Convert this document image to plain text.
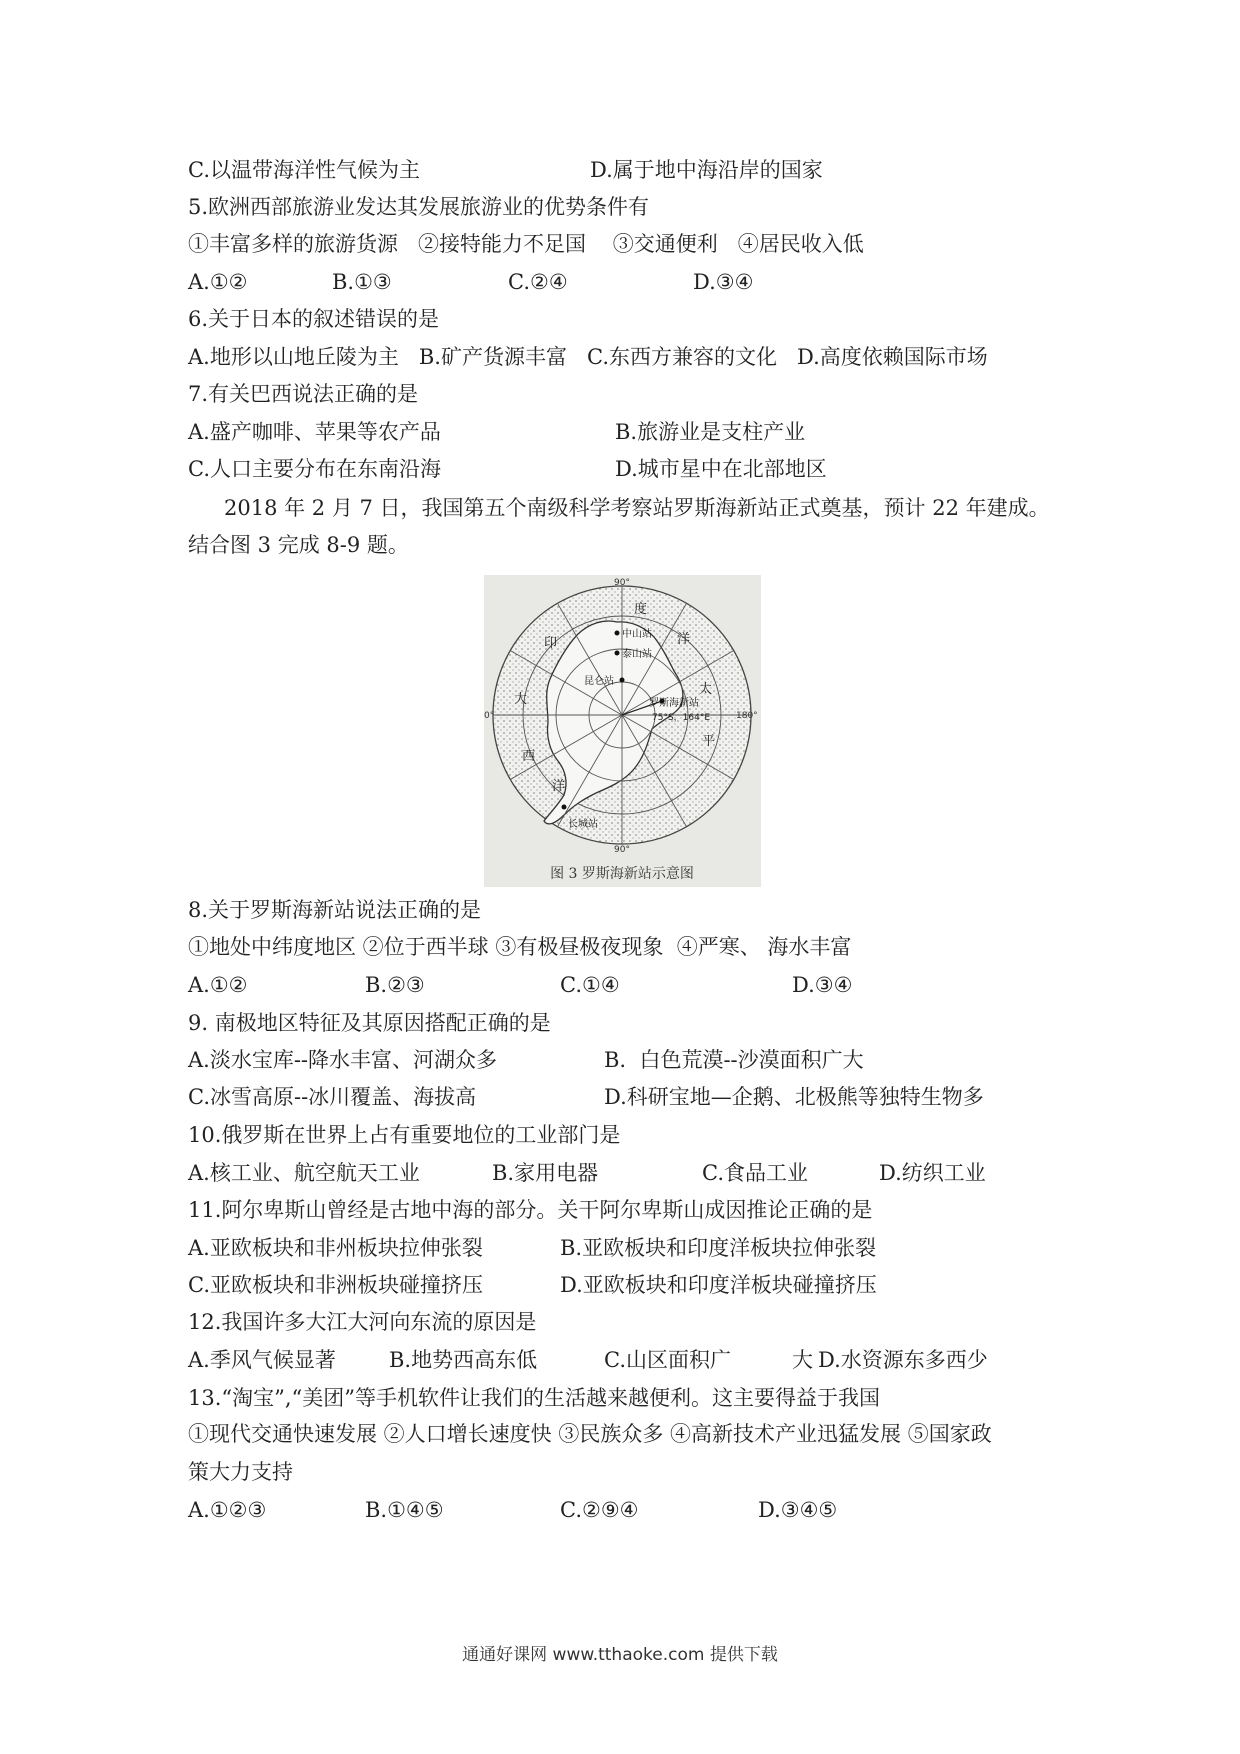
C.以温带海洋性气候为主	D.属于地中海沿岸的国家
5.欧洲西部旅游业发达其发展旅游业的优势条件有
①丰富多样的旅游货源   ②接特能力不足国    ③交通便利   ④居民收入低
A.①②	B.①③	C.②④	D.③④
6.关于日本的叙述错误的是
A.地形以山地丘陵为主   B.矿产货源丰富   C.东西方兼容的文化   D.高度依赖国际市场
7.有关巴西说法正确的是
A.盛产咖啡、苹果等农产品	B.旅游业是支柱产业
C.人口主要分布在东南沿海	D.城市星中在北部地区
2018 年 2 月 7 日，我国第五个南级科学考察站罗斯海新站正式奠基，预计 22 年建成。结合图 3 完成 8-9 题。
中山站
泰山站
昆仑站
罗斯海新站
75°S，164°E
长城站
90°
90°
0°	180°
度
洋
印
太
平
大
西
洋
图 3 罗斯海新站示意图
8.关于罗斯海新站说法正确的是
①地处中纬度地区 ②位于西半球 ③有极昼极夜现象  ④严寒、 海水丰富
A.①②	B.②③	C.①④	D.③④
9. 南极地区特征及其原因搭配正确的是
A.淡水宝库--降水丰富、河湖众多	B.  白色荒漠--沙漠面积广大
C.冰雪高原--冰川覆盖、海拔高	D.科研宝地—企鹅、北极熊等独特生物多
10.俄罗斯在世界上占有重要地位的工业部门是
A.核工业、航空航天工业	B.家用电器	C.食品工业	D.纺织工业
11.阿尔卑斯山曾经是古地中海的部分。关干阿尔卑斯山成因推论正确的是
A.亚欧板块和非州板块拉伸张裂	B.亚欧板块和印度洋板块拉伸张裂
C.亚欧板块和非洲板块碰撞挤压	D.亚欧板块和印度洋板块碰撞挤压
12.我国许多大江大河向东流的原因是
A.季风气候显著	B.地势西高东低	C.山区面积广	大 D.水资源东多西少
13.“淘宝”,“美团”等手机软件让我们的生活越来越便利。这主要得益于我国
①现代交通快速发展 ②人口增长速度快 ③民族众多 ④高新技术产业迅猛发展 ⑤国家政
策大力支持
A.①②③	B.①④⑤	C.②⑨④	D.③④⑤
通通好课网 www.tthaoke.com 提供下载
